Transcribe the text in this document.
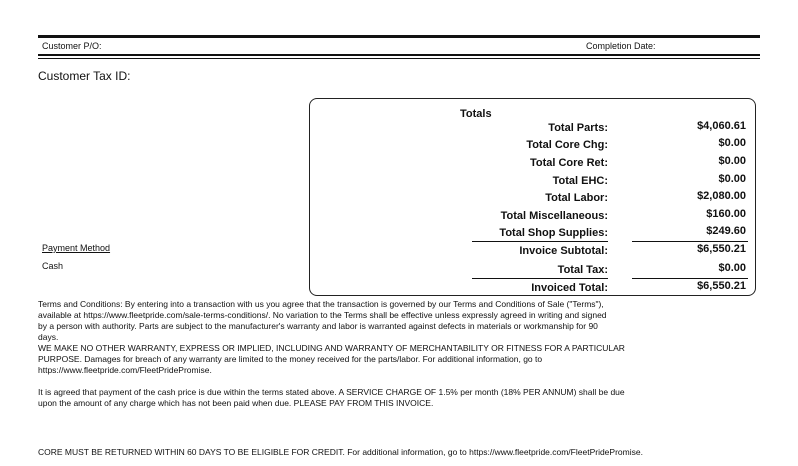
Customer P/O:	Completion Date:
Customer Tax ID:
Totals
Total Parts:	$4,060.61
Total Core Chg:	$0.00
Total Core Ret:	$0.00
Total EHC:	$0.00
Total Labor:	$2,080.00
Total Miscellaneous:	$160.00
Total Shop Supplies:	$249.60
Invoice Subtotal:	$6,550.21
Total Tax:	$0.00
Invoiced Total:	$6,550.21
Payment Method
Cash

Terms and Conditions: By entering into a transaction with us you agree that the transaction is governed by our Terms and Conditions of Sale ("Terms"),

available at https://www.fleetpride.com/sale-terms-conditions/. No variation to the Terms shall be effective unless expressly agreed in writing and signed

by a person with authority. Parts are subject to the manufacturer's warranty and labor is warranted against defects in materials or workmanship for 90

days.

WE MAKE NO OTHER WARRANTY, EXPRESS OR IMPLIED, INCLUDING AND WARRANTY OF MERCHANTABILITY OR FITNESS FOR A PARTICULAR

PURPOSE. Damages for breach of any warranty are limited to the money received for the parts/labor. For additional information, go to

https://www.fleetpride.com/FleetPridePromise.

It is agreed that payment of the cash price is due within the terms stated above. A SERVICE CHARGE OF 1.5% per month (18% PER ANNUM) shall be due

upon the amount of any charge which has not been paid when due. PLEASE PAY FROM THIS INVOICE.

CORE MUST BE RETURNED WITHIN 60 DAYS TO BE ELIGIBLE FOR CREDIT. For additional information, go to https://www.fleetpride.com/FleetPridePromise.
